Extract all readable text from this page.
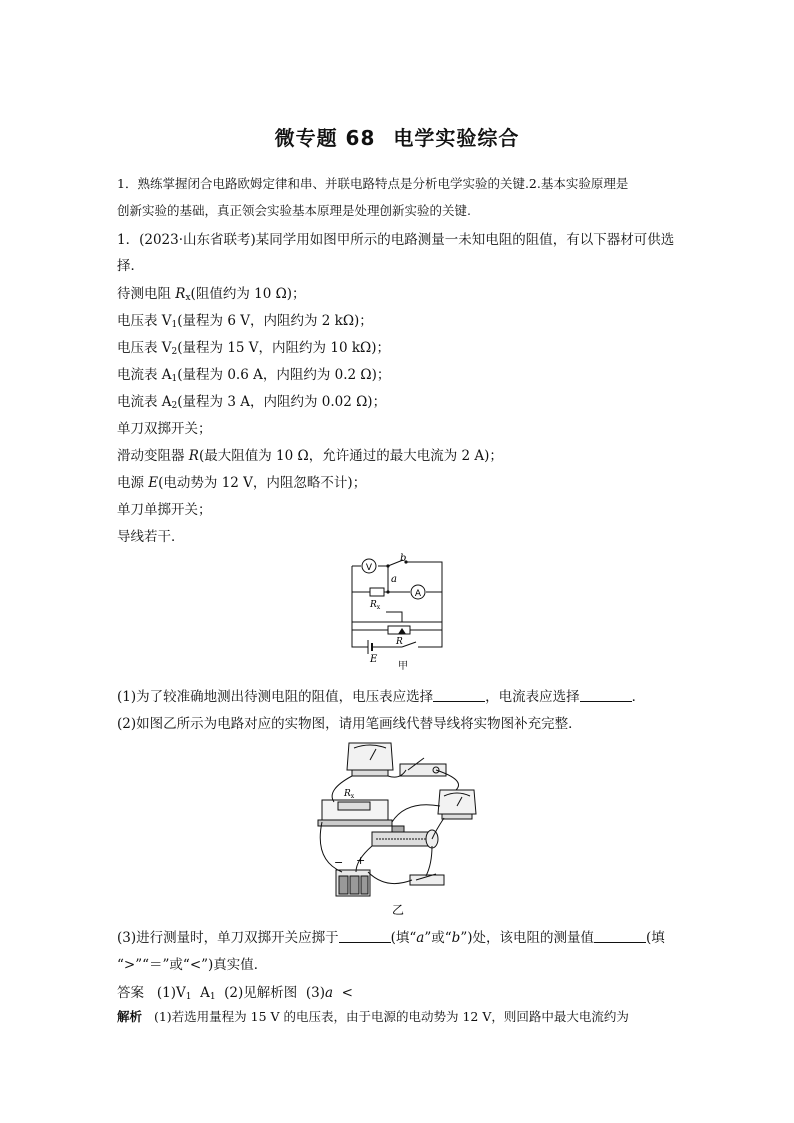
微专题 68 电学实验综合
1．熟练掌握闭合电路欧姆定律和串、并联电路特点是分析电学实验的关键.2.基本实验原理是
创新实验的基础，真正领会实验基本原理是处理创新实验的关键.
1．(2023·山东省联考)某同学用如图甲所示的电路测量一未知电阻的阻值，有以下器材可供选
择．
待测电阻 $R_x$(阻值约为 10 Ω)；
电压表 $V_1$(量程为 6 V，内阻约为 2 kΩ)；
电压表 $V_2$(量程为 15 V，内阻约为 10 kΩ)；
电流表 $A_1$(量程为 0.6 A，内阻约为 0.2 Ω)；
电流表 $A_2$(量程为 3 A，内阻约为 0.02 Ω)；
单刀双掷开关；
滑动变阻器 R(最大阻值为 10 Ω，允许通过的最大电流为 2 A)；
电源 E(电动势为 12 V，内阻忽略不计)；
单刀单掷开关；
导线若干．
V
A
b
a
$R_x$
R
E
甲
(1)为了较准确地测出待测电阻的阻值，电压表应选择	，电流表应选择	．
(2)如图乙所示为电路对应的实物图，请用笔画线代替导线将实物图补充完整．
$R_x$
− +
乙
(3)进行测量时，单刀双掷开关应掷于	(填“a”或“b”)处，该电阻的测量值	(填
“>”“＝”或“<”)真实值．
答案 $(1)V_1$ $A_1$ (2)见解析图 (3)a <
解析 (1)若选用量程为 15 V 的电压表，由于电源的电动势为 12 V，则回路中最大电流约为
